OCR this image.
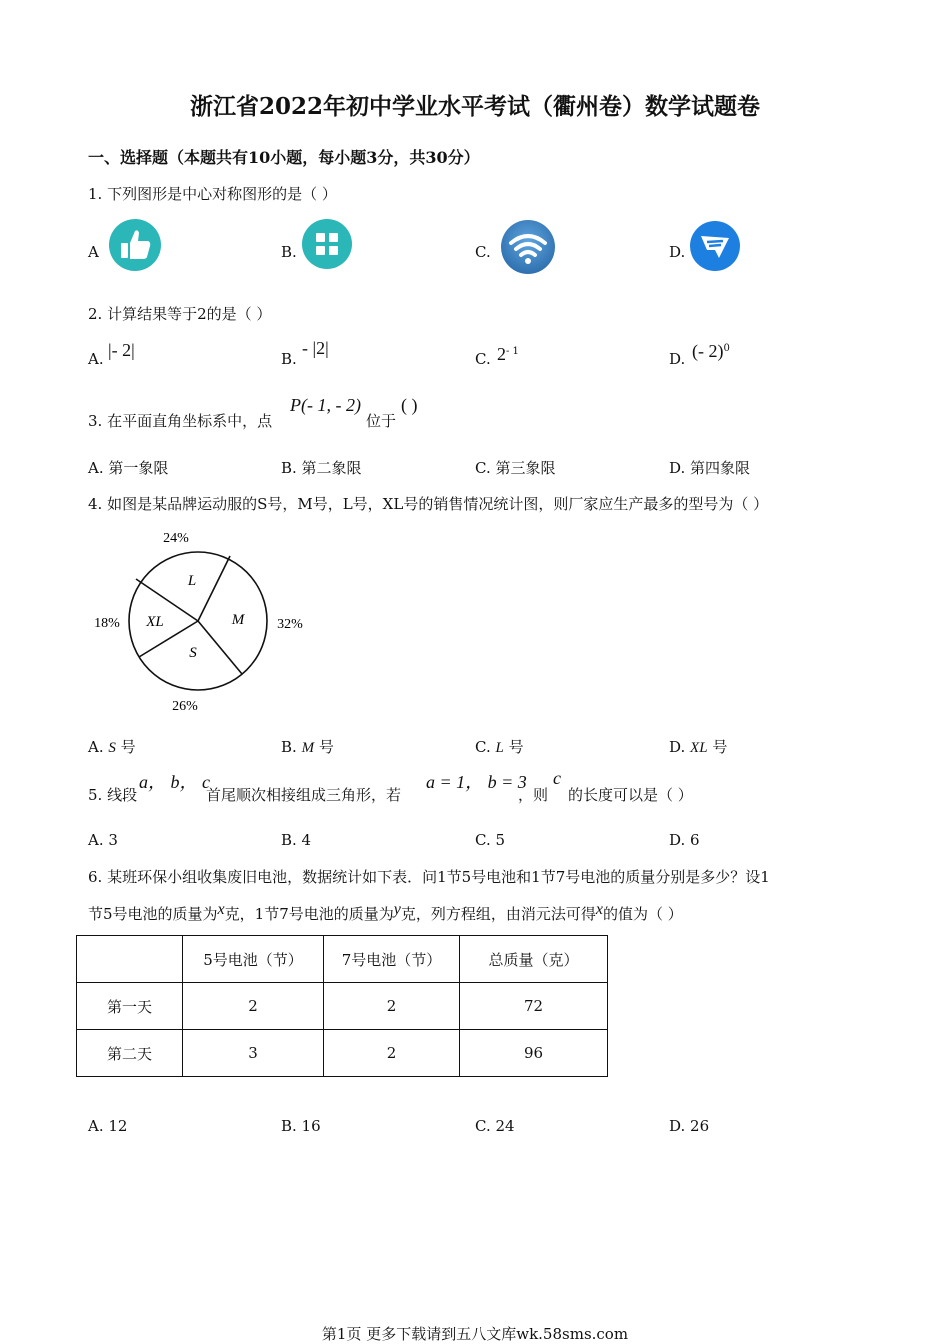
浙江省2022年初中学业水平考试（衢州卷）数学试题卷
一、选择题（本题共有10小题，每小题3分，共30分）
1. 下列图形是中心对称图形的是（ ）
A	B.	C.	D.
2. 计算结果等于2的是（ ）
A. |- 2|	B.
- |2|
C. $2^{- 1}$	D. (- 2)$^0$
3. 在平面直角坐标系中，点
P(- 1, - 2)
位于
( )
A. 第一象限	B. 第二象限	C. 第三象限	D. 第四象限
4. 如图是某品牌运动服的S号，M号，L号，XL号的销售情况统计图，则厂家应生产最多的型号为（ ）
L
M
S
XL
24%
32%
26%
18%
A. S 号	B. M 号	C. L 号	D. XL 号
5. 线段
a， b， c
首尾顺次相接组成三角形，若
a = 1， b = 3
，则
c
的长度可以是（ ）
A. 3	B. 4	C. 5	D. 6
6. 某班环保小组收集废旧电池，数据统计如下表．问1节5号电池和1节7号电池的质量分别是多少？设1
节5号电池的质量为x克，1节7号电池的质量为y克，列方程组，由消元法可得x的值为（ ）
	5号电池（节）	7号电池（节）	总质量（克）
第一天	2	2	72
第二天	3	2	96
A. 12	B. 16	C. 24	D. 26
第1页 更多下载请到五八文库wk.58sms.com
